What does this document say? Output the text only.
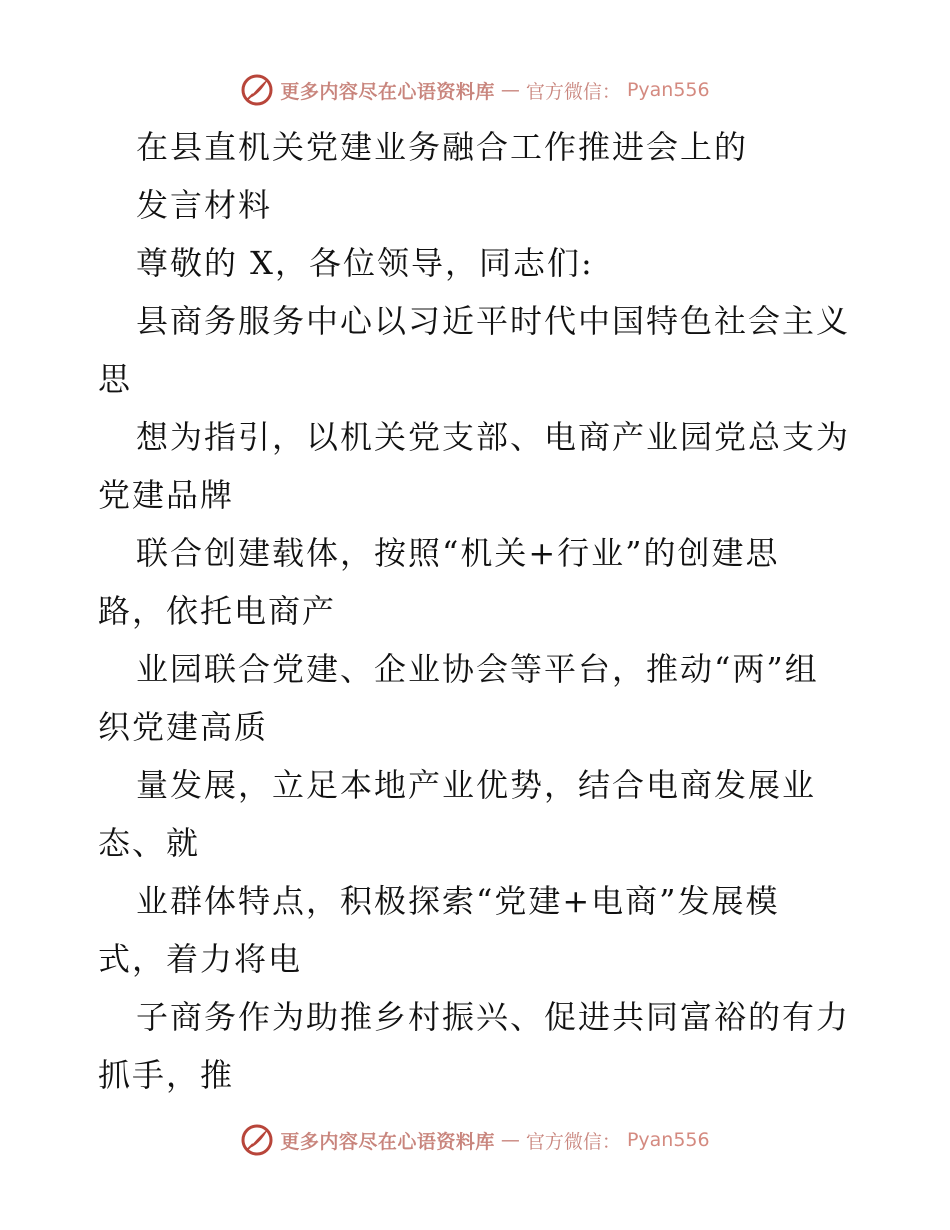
更多内容尽在心语资料库 — 官方微信： Pyan556
在县直机关党建业务融合工作推进会上的
发言材料
尊敬的 X，各位领导，同志们:
县商务服务中心以习近平时代中国特色社会主义
思
想为指引，以机关党支部、电商产业园党总支为
党建品牌
联合创建载体，按照“机关+行业”的创建思
路，依托电商产
业园联合党建、企业协会等平台，推动“两”组
织党建高质
量发展，立足本地产业优势，结合电商发展业
态、就
业群体特点，积极探索“党建+电商”发展模
式，着力将电
子商务作为助推乡村振兴、促进共同富裕的有力
抓手，推
更多内容尽在心语资料库 — 官方微信： Pyan556
